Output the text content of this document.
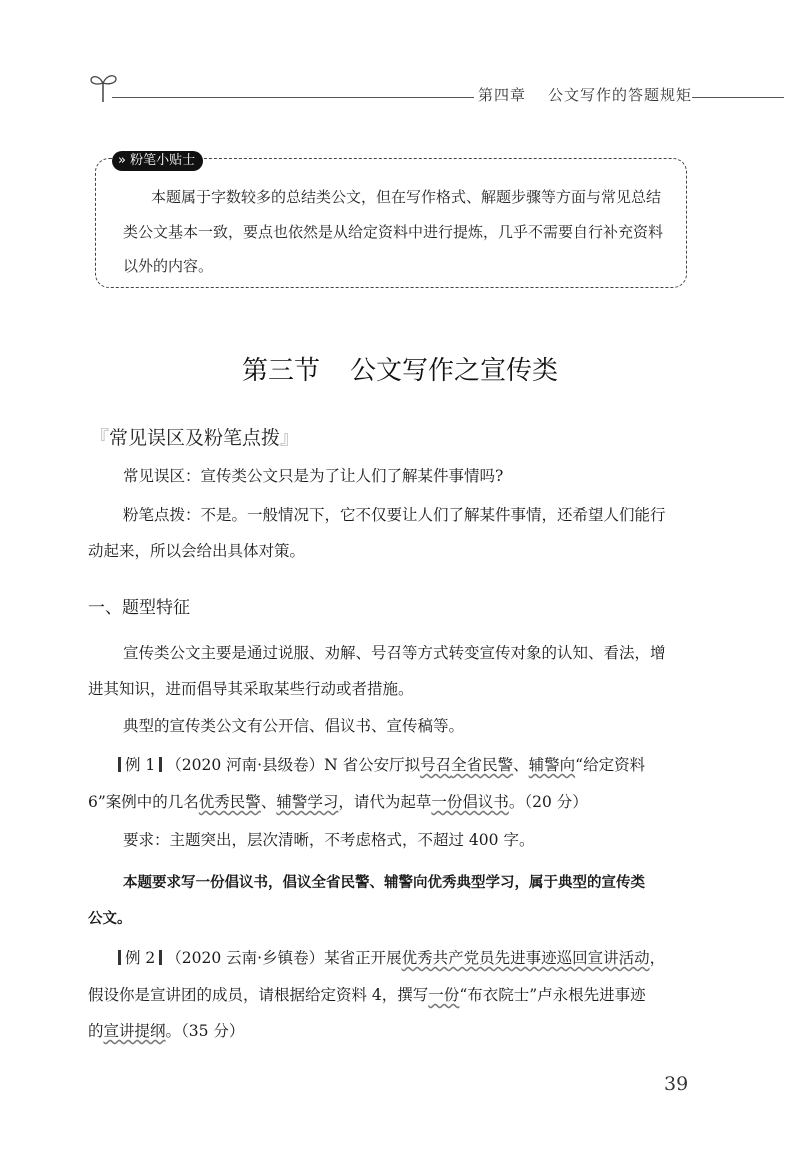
第四章 公文写作的答题规矩
» 粉笔小贴士
本题属于字数较多的总结类公文，但在写作格式、解题步骤等方面与常见总结
类公文基本一致，要点也依然是从给定资料中进行提炼，几乎不需要自行补充资料
以外的内容。
第三节 公文写作之宣传类
『常见误区及粉笔点拨』
常见误区：宣传类公文只是为了让人们了解某件事情吗?
粉笔点拨：不是。一般情况下，它不仅要让人们了解某件事情，还希望人们能行
动起来，所以会给出具体对策。
一、题型特征
宣传类公文主要是通过说服、劝解、号召等方式转变宣传对象的认知、看法，增
进其知识，进而倡导其采取某些行动或者措施。
典型的宣传类公文有公开信、倡议书、宣传稿等。
例 1 （2020 河南·县级卷）N 省公安厅拟号召全省民警、辅警向“给定资料
6”案例中的几名优秀民警、辅警学习，请代为起草一份倡议书。（20 分）
要求：主题突出，层次清晰，不考虑格式，不超过 400 字。
本题要求写一份倡议书，倡议全省民警、辅警向优秀典型学习，属于典型的宣传类
公文。
例 2 （2020 云南·乡镇卷）某省正开展优秀共产党员先进事迹巡回宣讲活动，
假设你是宣讲团的成员，请根据给定资料 4，撰写一份“布衣院士”卢永根先进事迹
的宣讲提纲。（35 分）
39
